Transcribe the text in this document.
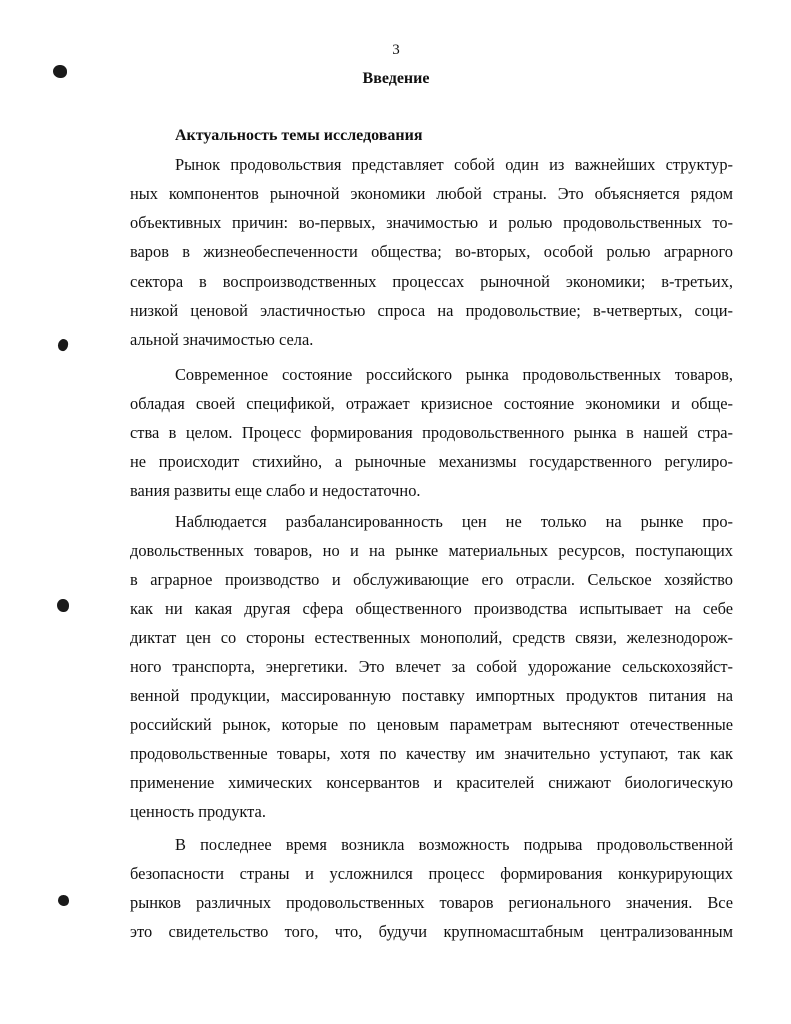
3
Введение
Актуальность темы исследования
Рынок продовольствия представляет собой один из важнейших структур-
ных компонентов рыночной экономики любой страны. Это объясняется рядом
объективных причин: во-первых, значимостью и ролью продовольственных то-
варов в жизнеобеспеченности общества; во-вторых, особой ролью аграрного
сектора в воспроизводственных процессах рыночной экономики; в-третьих,
низкой ценовой эластичностью спроса на продовольствие; в-четвертых, соци-
альной значимостью села.
Современное состояние российского рынка продовольственных товаров,
обладая своей спецификой, отражает кризисное состояние экономики и обще-
ства в целом. Процесс формирования продовольственного рынка в нашей стра-
не происходит стихийно, а рыночные механизмы государственного регулиро-
вания развиты еще слабо и недостаточно.
Наблюдается разбалансированность цен не только на рынке про-
довольственных товаров, но и на рынке материальных ресурсов, поступающих
в аграрное производство и обслуживающие его отрасли. Сельское хозяйство
как ни какая другая сфера общественного производства испытывает на себе
диктат цен со стороны естественных монополий, средств связи, железнодорож-
ного транспорта, энергетики. Это влечет за собой удорожание сельскохозяйст-
венной продукции, массированную поставку импортных продуктов питания на
российский рынок, которые по ценовым параметрам вытесняют отечественные
продовольственные товары, хотя по качеству им значительно уступают, так как
применение химических консервантов и красителей снижают биологическую
ценность продукта.
В последнее время возникла возможность подрыва продовольственной
безопасности страны и усложнился процесс формирования конкурирующих
рынков различных продовольственных товаров регионального значения. Все
это свидетельство того, что, будучи крупномасштабным централизованным
